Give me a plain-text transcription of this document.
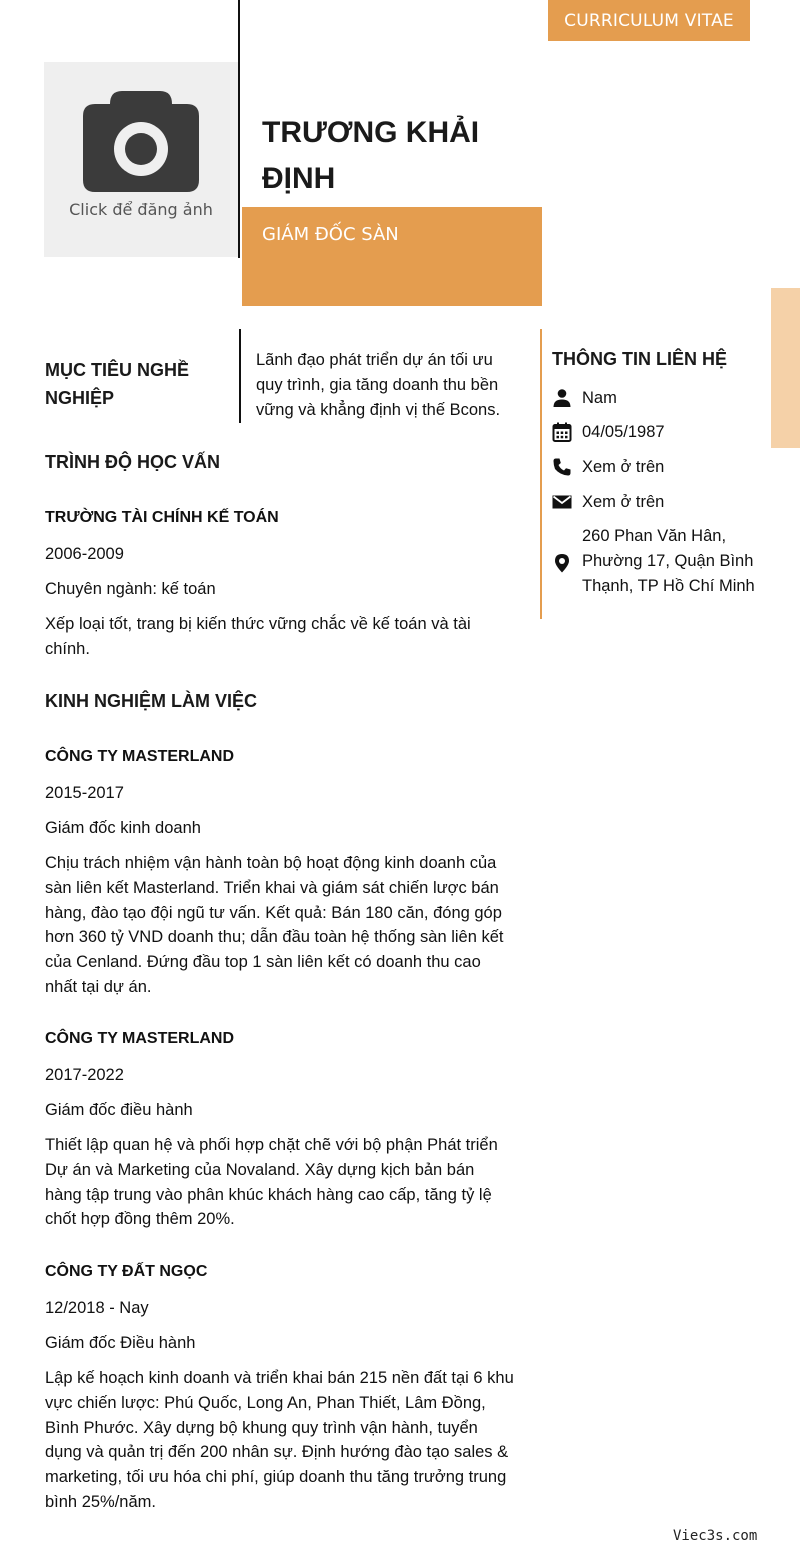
CURRICULUM VITAE
Click để đăng ảnh
TRƯƠNG KHẢI
ĐỊNH
GIÁM ĐỐC SÀN
MỤC TIÊU NGHỀ
NGHIỆP
Lãnh đạo phát triển dự án tối ưu quy trình, gia tăng doanh thu bền vững và khẳng định vị thế Bcons.
THÔNG TIN LIÊN HỆ
Nam
04/05/1987
Xem ở trên
Xem ở trên
260 Phan Văn Hân, Phường 17, Quận Bình Thạnh, TP Hồ Chí Minh
TRÌNH ĐỘ HỌC VẤN
TRƯỜNG TÀI CHÍNH KẾ TOÁN
2006-2009
Chuyên ngành: kế toán
Xếp loại tốt, trang bị kiến thức vững chắc về kế toán và tài chính.
KINH NGHIỆM LÀM VIỆC
CÔNG TY MASTERLAND
2015-2017
Giám đốc kinh doanh
Chịu trách nhiệm vận hành toàn bộ hoạt động kinh doanh của sàn liên kết Masterland. Triển khai và giám sát chiến lược bán hàng, đào tạo đội ngũ tư vấn. Kết quả: Bán 180 căn, đóng góp hơn 360 tỷ VND doanh thu; dẫn đầu toàn hệ thống sàn liên kết của Cenland. Đứng đầu top 1 sàn liên kết có doanh thu cao nhất tại dự án.
CÔNG TY MASTERLAND
2017-2022
Giám đốc điều hành
Thiết lập quan hệ và phối hợp chặt chẽ với bộ phận Phát triển Dự án và Marketing của Novaland. Xây dựng kịch bản bán hàng tập trung vào phân khúc khách hàng cao cấp, tăng tỷ lệ chốt hợp đồng thêm 20%.
CÔNG TY ĐẤT NGỌC
12/2018 - Nay
Giám đốc Điều hành
Lập kế hoạch kinh doanh và triển khai bán 215 nền đất tại 6 khu vực chiến lược: Phú Quốc, Long An, Phan Thiết, Lâm Đồng, Bình Phước. Xây dựng bộ khung quy trình vận hành, tuyển dụng và quản trị đến 200 nhân sự. Định hướng đào tạo sales & marketing, tối ưu hóa chi phí, giúp doanh thu tăng trưởng trung bình 25%/năm.
Viec3s.com
